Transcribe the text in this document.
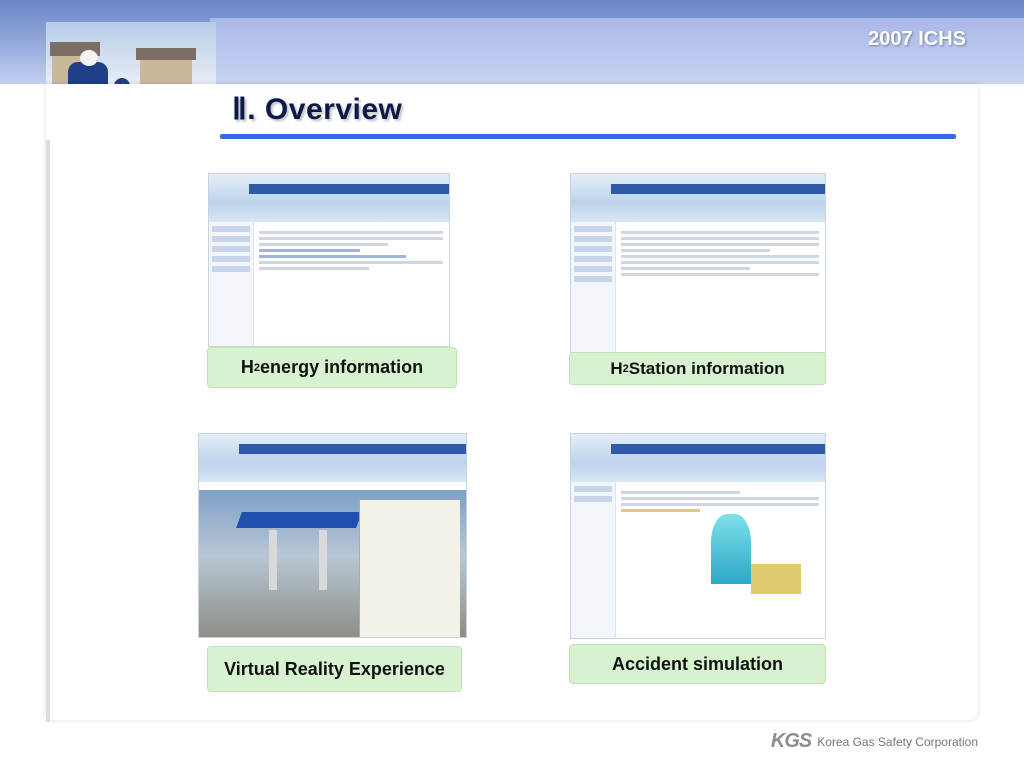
2007 ICHS
Ⅱ. Overview
H 2 energy information	H 2 Station information
Virtual Reality Experience	Accident simulation
KGS Korea Gas Safety Corporation
